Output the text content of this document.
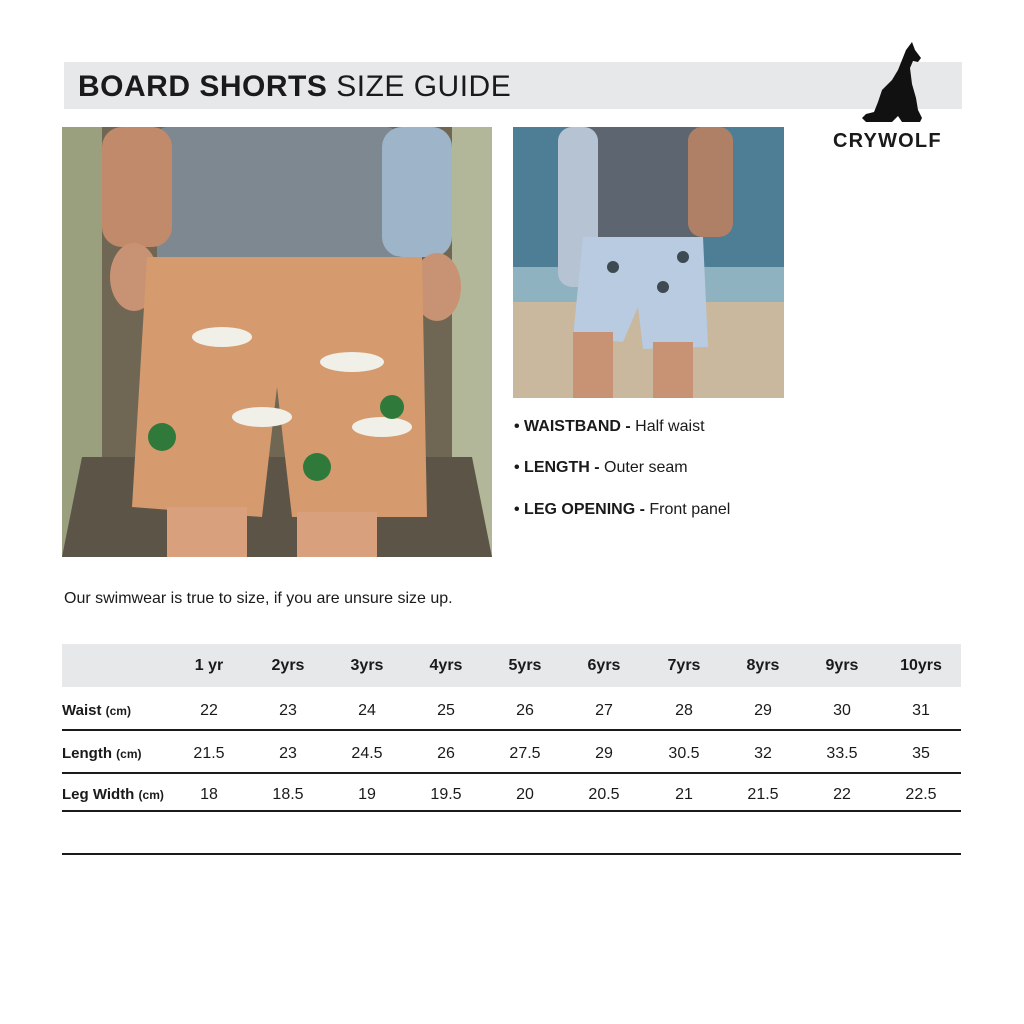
BOARD SHORTS SIZE GUIDE
CRYWOLF
• WAISTBAND - Half waist
• LENGTH - Outer seam
• LEG OPENING - Front panel
Our swimwear is true to size, if you are unsure size up.
1 yr	2yrs	3yrs	4yrs	5yrs	6yrs	7yrs	8yrs	9yrs	10yrs
Waist (cm)	22	23	24	25	26	27	28	29	30	31
Length (cm)	21.5	23	24.5	26	27.5	29	30.5	32	33.5	35
Leg Width (cm)	18	18.5	19	19.5	20	20.5	21	21.5	22	22.5
